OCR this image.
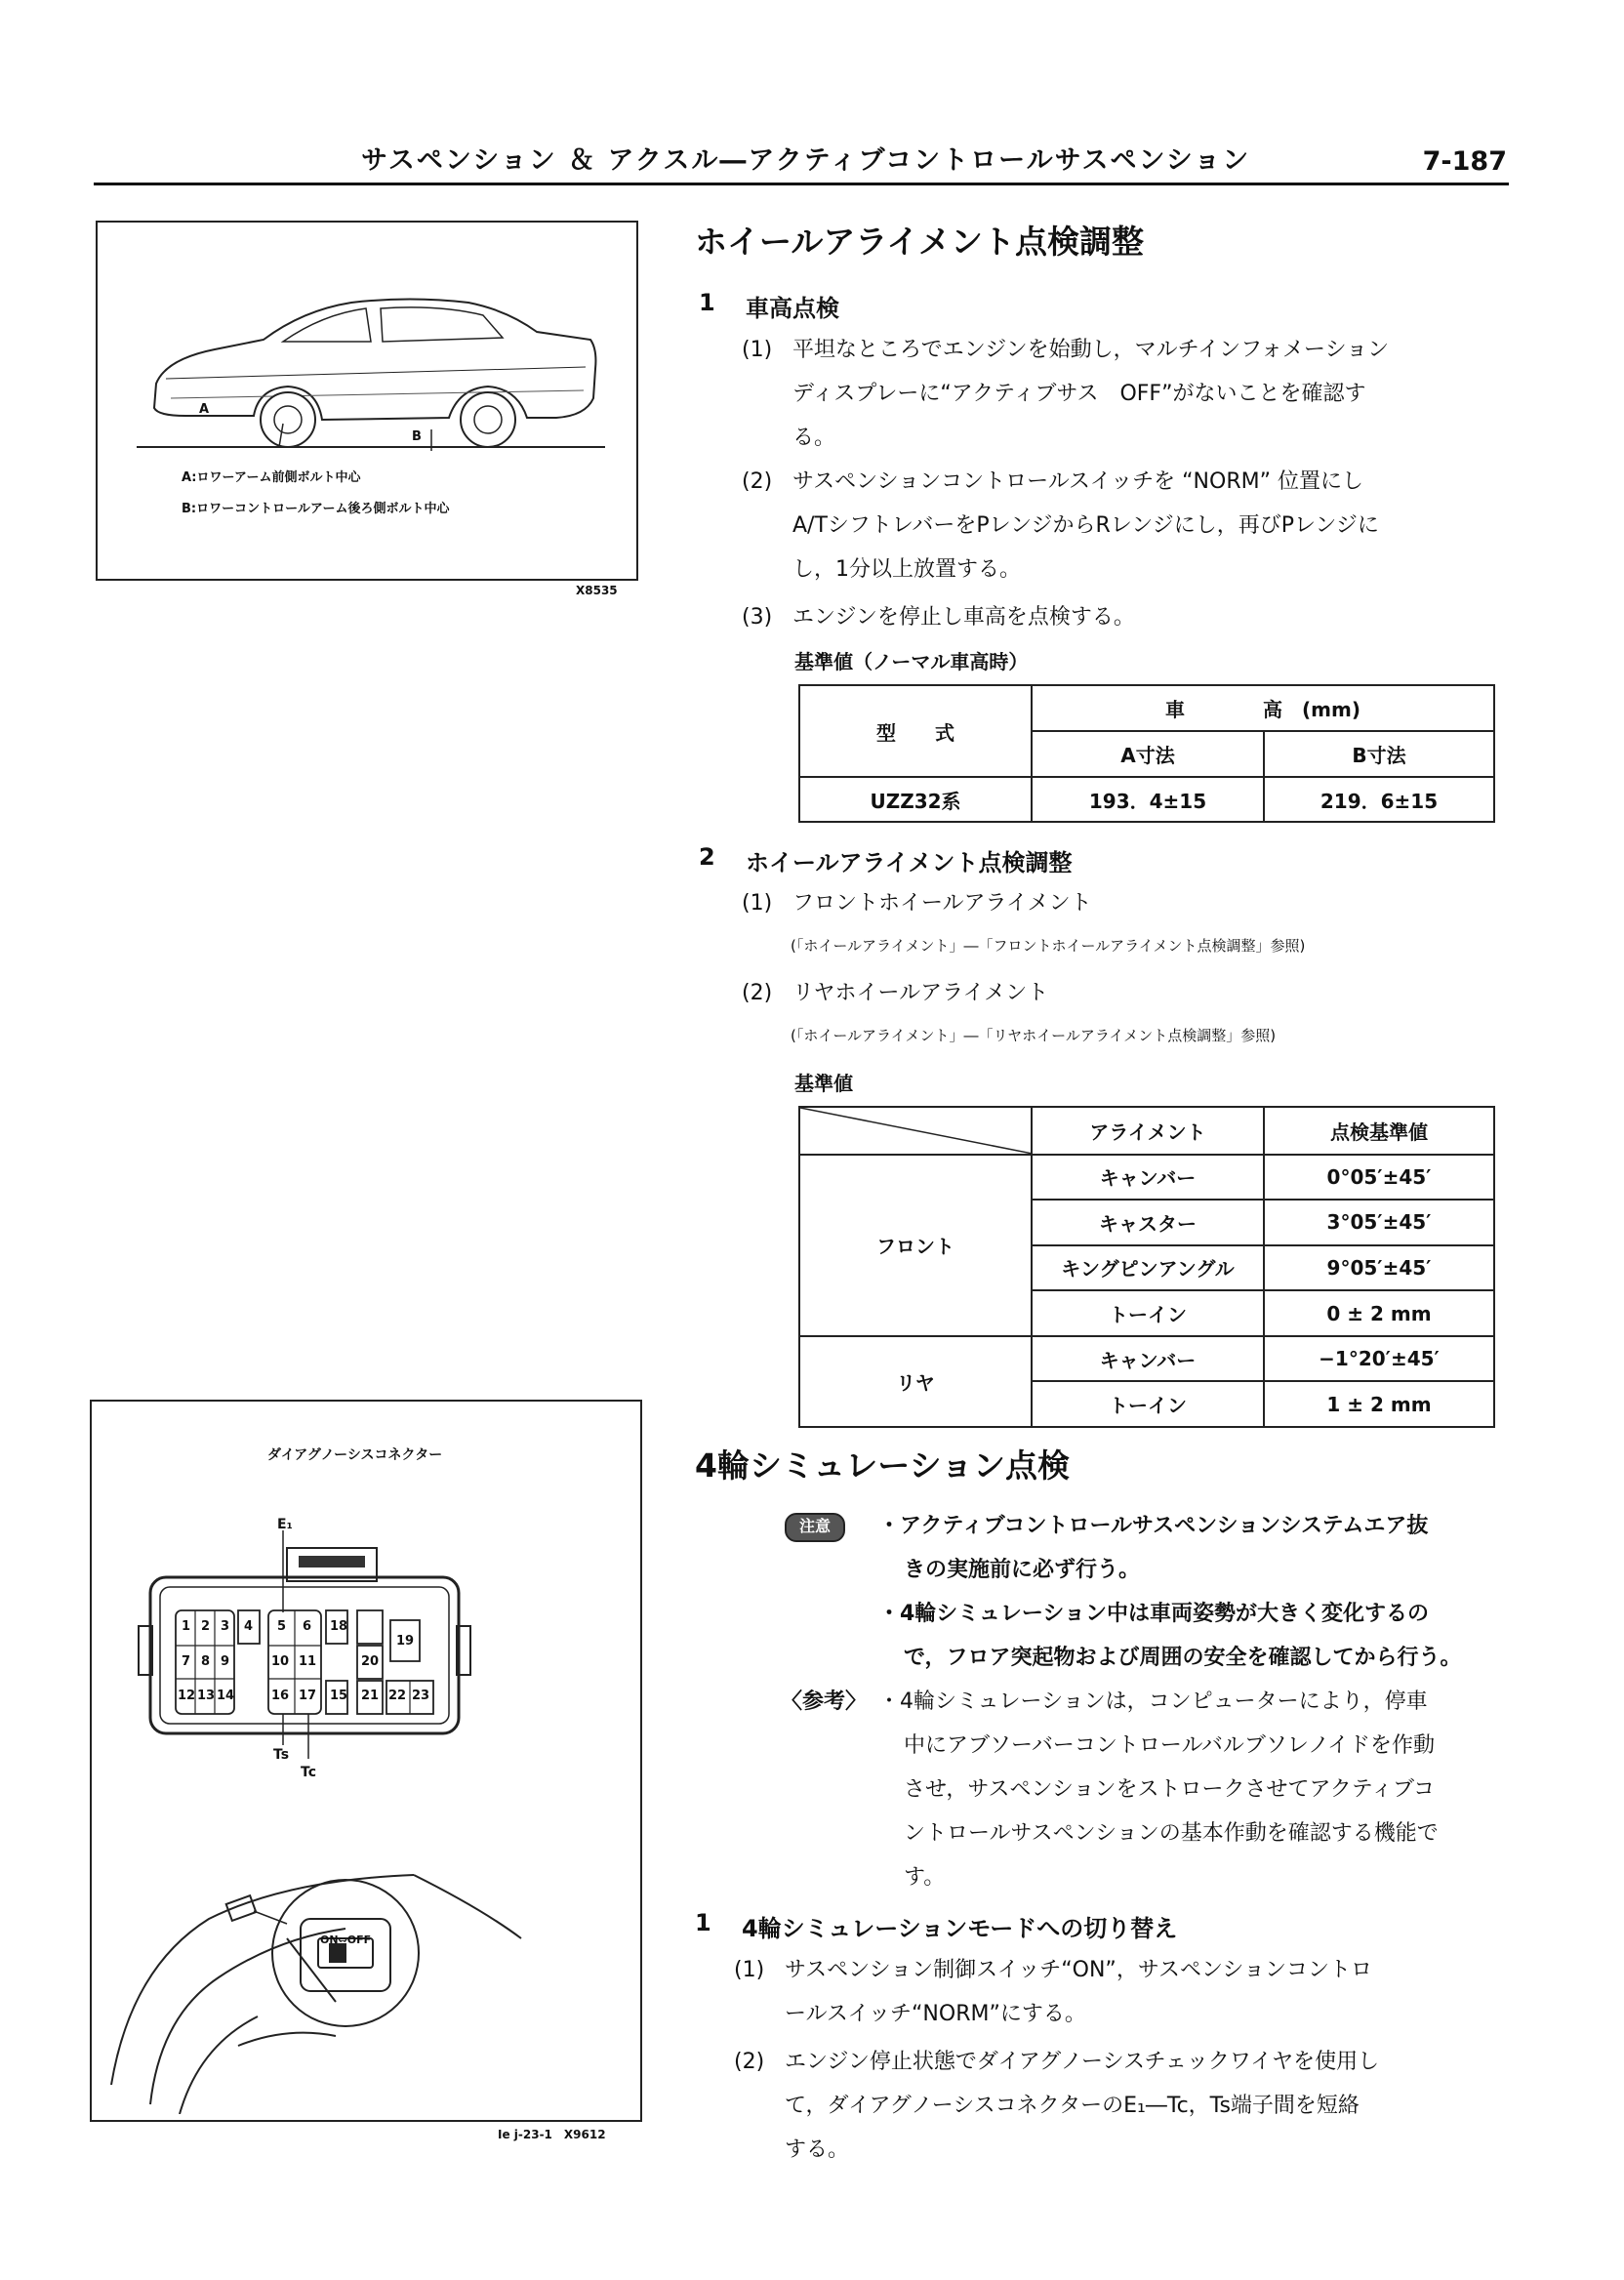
サスペンション ＆ アクスル―アクティブコントロールサスペンション	7-187
A
B
A:ロワーアーム前側ボルト中心
B:ロワーコントロールアーム後ろ側ボルト中心
X8535
ホイールアライメント点検調整
1 車高点検
(1) 平坦なところでエンジンを始動し，マルチインフォメーション
ディスプレーに“アクティブサス　OFF”がないことを確認す
る。
(2) サスペンションコントロールスイッチを “NORM” 位置にし
A/TシフトレバーをPレンジからRレンジにし，再びPレンジに
し，1分以上放置する。
(3) エンジンを停止し車高を点検する。
基準値（ノーマル車高時）
型　　式	車　　　　高　(mm)	
	A寸法	B寸法
UZZ32系	193．4±15	219．6±15
2 ホイールアライメント点検調整
(1) フロントホイールアライメント
(「ホイールアライメント」―「フロントホイールアライメント点検調整」参照)
(2) リヤホイールアライメント
(「ホイールアライメント」―「リヤホイールアライメント点検調整」参照)
基準値
	アライメント	点検基準値
フロント	キャンバー	0°05′±45′
	キャスター	3°05′±45′
	キングピンアングル	9°05′±45′
	トーイン	0 ± 2 mm
リヤ	キャンバー	−1°20′±45′
	トーイン	1 ± 2 mm
ダイアグノーシスコネクター
E₁
1 2 3 4 5 6 18
19
7 8 9	10 11	20
12 13 14	15
16 17	21 22 23
Ts
Tc
ON⇔OFF
Ie j-23-1　X9612
4輪シミュレーション点検
注意	・アクティブコントロールサスペンションシステムエア抜
きの実施前に必ず行う。
・4輪シミュレーション中は車両姿勢が大きく変化するの
で，フロア突起物および周囲の安全を確認してから行う。
〈参考〉 ・4輪シミュレーションは，コンピューターにより，停車
中にアブソーバーコントロールバルブソレノイドを作動
させ，サスペンションをストロークさせてアクティブコ
ントロールサスペンションの基本作動を確認する機能で
す。
1 4輪シミュレーションモードへの切り替え
(1) サスペンション制御スイッチ“ON”，サスペンションコントロ
ールスイッチ“NORM”にする。
(2) エンジン停止状態でダイアグノーシスチェックワイヤを使用し
て，ダイアグノーシスコネクターのE₁―Tc，Ts端子間を短絡
する。
